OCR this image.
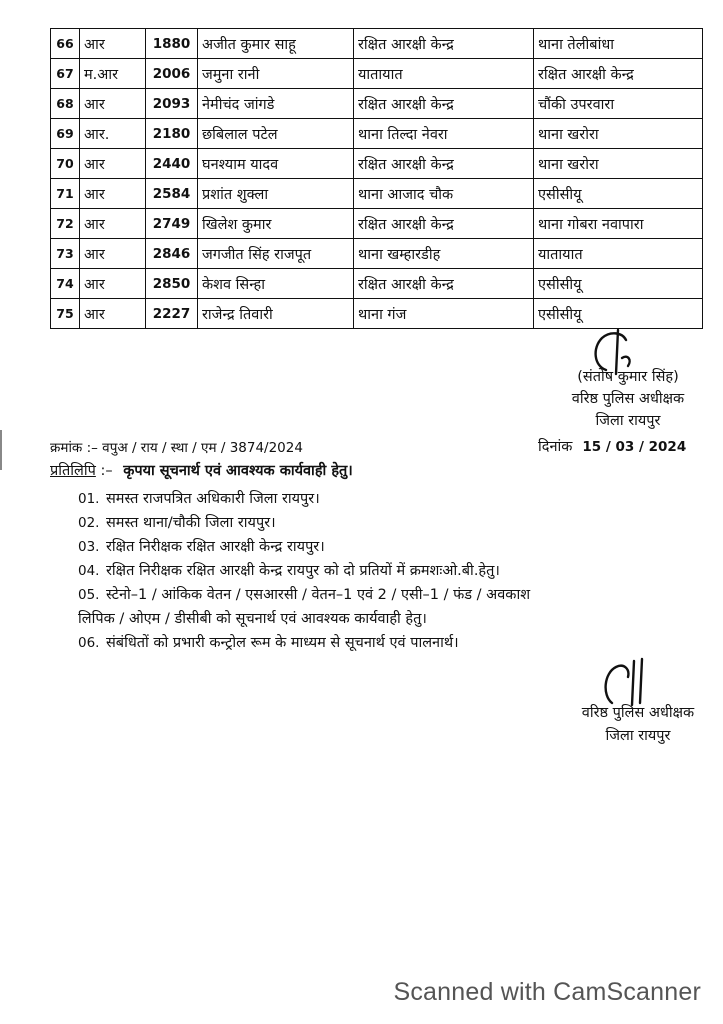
66	आर	1880	अजीत कुमार साहू	रक्षित आरक्षी केन्द्र	थाना तेलीबांधा
67	म.आर	2006	जमुना रानी	यातायात	रक्षित आरक्षी केन्द्र
68	आर	2093	नेमीचंद जांगडे	रक्षित आरक्षी केन्द्र	चौंकी उपरवारा
69	आर.	2180	छबिलाल पटेल	थाना तिल्दा नेवरा	थाना खरोरा
70	आर	2440	घनश्याम यादव	रक्षित आरक्षी केन्द्र	थाना खरोरा
71	आर	2584	प्रशांत शुक्ला	थाना आजाद चौक	एसीसीयू
72	आर	2749	खिलेश कुमार	रक्षित आरक्षी केन्द्र	थाना गोबरा नवापारा
73	आर	2846	जगजीत सिंह राजपूत	थाना खम्हारडीह	यातायात
74	आर	2850	केशव सिन्हा	रक्षित आरक्षी केन्द्र	एसीसीयू
75	आर	2227	राजेन्द्र तिवारी	थाना गंज	एसीसीयू
(संतोष कुमार सिंह)
वरिष्ठ पुलिस अधीक्षक
जिला रायपुर
क्रमांक :– वपुअ / राय / स्था / एम / 3874/2024	दिनांक 15 / 03 / 2024
प्रतिलिपि :– कृपया सूचनार्थ एवं आवश्यक कार्यवाही हेतु।
01. समस्त राजपत्रित अधिकारी जिला रायपुर।
02. समस्त थाना/चौकी जिला रायपुर।
03. रक्षित निरीक्षक रक्षित आरक्षी केन्द्र रायपुर।
04. रक्षित निरीक्षक रक्षित आरक्षी केन्द्र रायपुर को दो प्रतियों में क्रमशःओ.बी.हेतु।
05. स्टेनो–1 / आंकिक वेतन / एसआरसी / वेतन–1 एवं 2 / एसी–1 / फंड / अवकाश
लिपिक / ओएम / डीसीबी को सूचनार्थ एवं आवश्यक कार्यवाही हेतु।
06. संबंधितों को प्रभारी कन्ट्रोल रूम के माध्यम से सूचनार्थ एवं पालनार्थ।
वरिष्ठ पुलिस अधीक्षक
जिला रायपुर
Scanned with CamScanner
